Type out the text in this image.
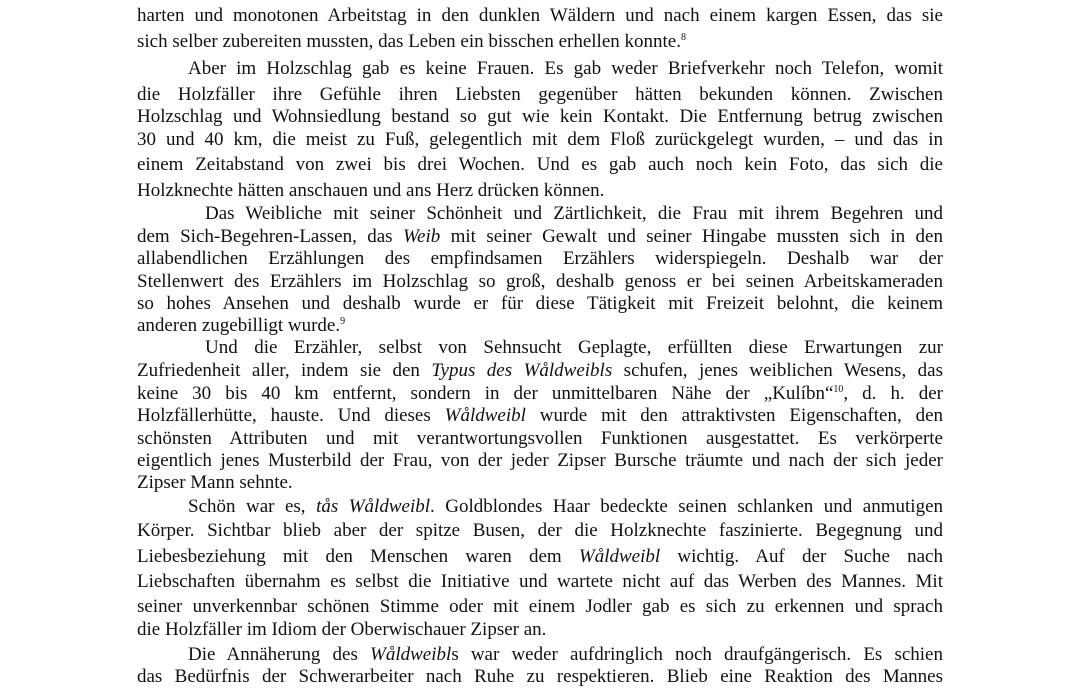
harten und monotonen Arbeitstag in den dunklen Wäldern und nach einem kargen Essen, das sie
sich selber zubereiten mussten, das Leben ein bisschen erhellen konnte.$^8$
Aber im Holzschlag gab es keine Frauen. Es gab weder Briefverkehr noch Telefon, womit
die Holzfäller ihre Gefühle ihren Liebsten gegenüber hätten bekunden können. Zwischen
Holzschlag und Wohnsiedlung bestand so gut wie kein Kontakt. Die Entfernung betrug zwischen
30 und 40 km, die meist zu Fuß, gelegentlich mit dem Floß zurückgelegt wurden, – und das in
einem Zeitabstand von zwei bis drei Wochen. Und es gab auch noch kein Foto, das sich die
Holzknechte hätten anschauen und ans Herz drücken können.
Das Weibliche mit seiner Schönheit und Zärtlichkeit, die Frau mit ihrem Begehren und
dem Sich-Begehren-Lassen, das Weib mit seiner Gewalt und seiner Hingabe mussten sich in den
allabendlichen Erzählungen des empfindsamen Erzählers widerspiegeln. Deshalb war der
Stellenwert des Erzählers im Holzschlag so groß, deshalb genoss er bei seinen Arbeitskameraden
so hohes Ansehen und deshalb wurde er für diese Tätigkeit mit Freizeit belohnt, die keinem
anderen zugebilligt wurde.$^9$
Und die Erzähler, selbst von Sehnsucht Geplagte, erfüllten diese Erwartungen zur
Zufriedenheit aller, indem sie den Typus des Wåldweibls schufen, jenes weiblichen Wesens, das
keine 30 bis 40 km entfernt, sondern in der unmittelbaren Nähe der „Kulíbn“$^{10}$, d. h. der
Holzfällerhütte, hauste. Und dieses Wåldweibl wurde mit den attraktivsten Eigenschaften, den
schönsten Attributen und mit verantwortungsvollen Funktionen ausgestattet. Es verkörperte
eigentlich jenes Musterbild der Frau, von der jeder Zipser Bursche träumte und nach der sich jeder
Zipser Mann sehnte.
Schön war es, tås Wåldweibl. Goldblondes Haar bedeckte seinen schlanken und anmutigen
Körper. Sichtbar blieb aber der spitze Busen, der die Holzknechte faszinierte. Begegnung und
Liebesbeziehung mit den Menschen waren dem Wåldweibl wichtig. Auf der Suche nach
Liebschaften übernahm es selbst die Initiative und wartete nicht auf das Werben des Mannes. Mit
seiner unverkennbar schönen Stimme oder mit einem Jodler gab es sich zu erkennen und sprach
die Holzfäller im Idiom der Oberwischauer Zipser an.
Die Annäherung des Wåldweibls war weder aufdringlich noch draufgängerisch. Es schien
das Bedürfnis der Schwerarbeiter nach Ruhe zu respektieren. Blieb eine Reaktion des Mannes
